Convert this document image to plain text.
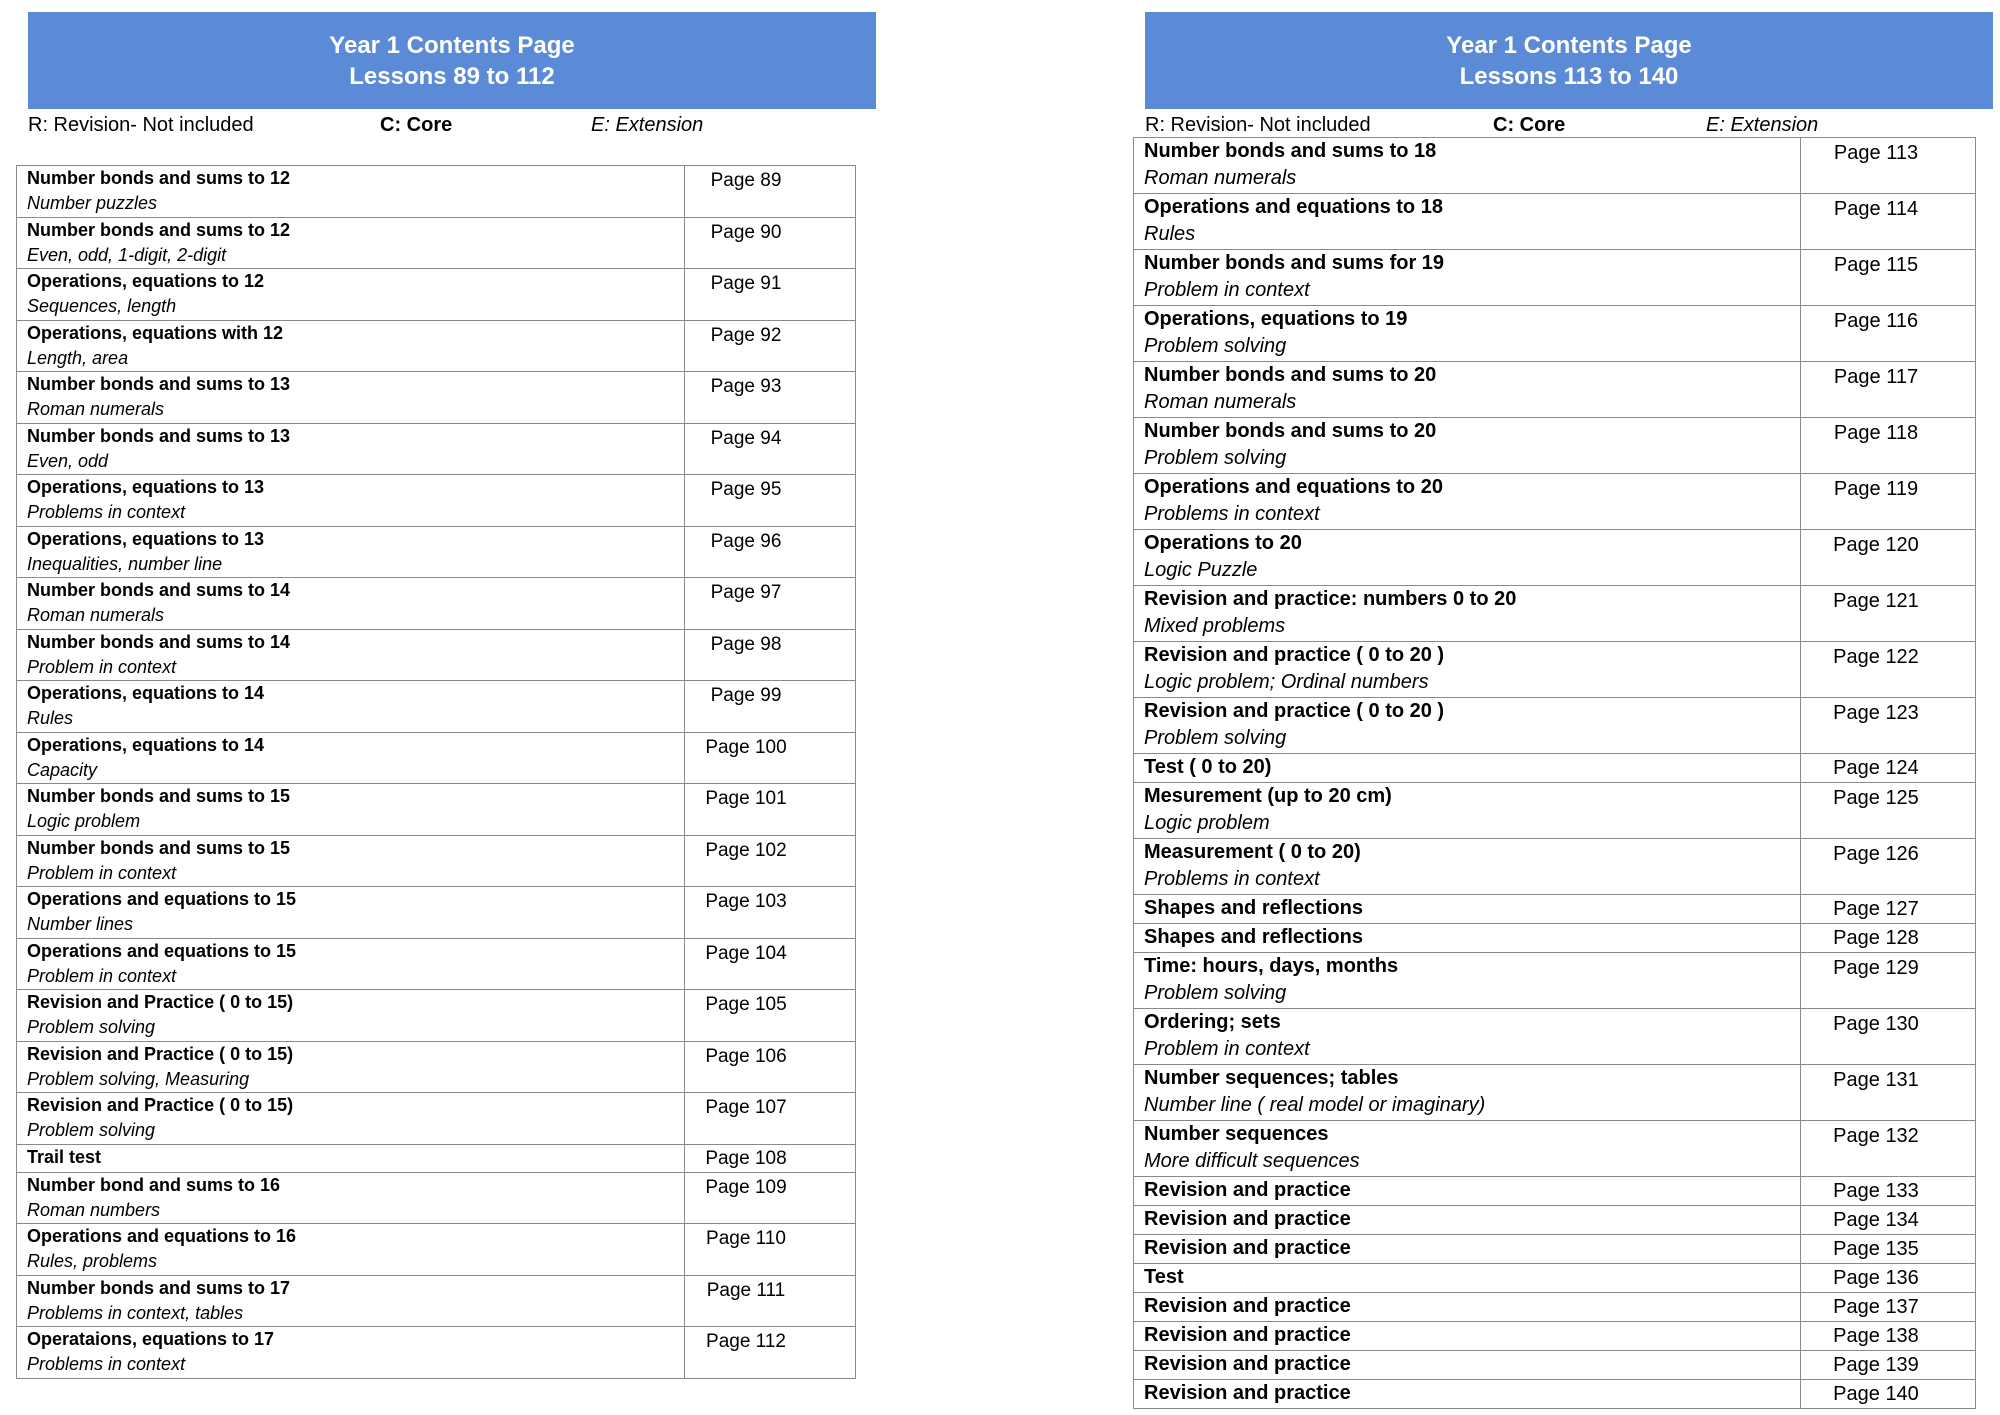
Year 1 Contents Page
Lessons 89 to 112
R: Revision- Not included	C: Core	E: Extension
Number bonds and sums to 12
Number puzzles	Page 89

Number bonds and sums to 12
Even, odd, 1-digit, 2-digit	Page 90

Operations, equations to 12
Sequences, length	Page 91

Operations, equations with 12
Length, area	Page 92

Number bonds and sums to 13
Roman numerals	Page 93

Number bonds and sums to 13
Even, odd	Page 94

Operations, equations to 13
Problems in context	Page 95

Operations, equations to 13
Inequalities, number line	Page 96

Number bonds and sums to 14
Roman numerals	Page 97

Number bonds and sums to 14
Problem in context	Page 98

Operations, equations to 14
Rules	Page 99

Operations, equations to 14
Capacity	Page 100

Number bonds and sums to 15
Logic problem	Page 101

Number bonds and sums to 15
Problem in context	Page 102

Operations and equations to 15
Number lines	Page 103

Operations and equations to 15
Problem in context	Page 104

Revision and Practice ( 0 to 15)
Problem solving	Page 105

Revision and Practice ( 0 to 15)
Problem solving, Measuring	Page 106

Revision and Practice ( 0 to 15)
Problem solving	Page 107

Trail test	Page 108

Number bond and sums to 16
Roman numbers	Page 109

Operations and equations to 16
Rules, problems	Page 110

Number bonds and sums to 17
Problems in context, tables	Page 111

Operataions, equations to 17
Problems in context	Page 112
Year 1 Contents Page
Lessons 113 to 140
R: Revision- Not included	C: Core	E: Extension
Number bonds and sums to 18
Roman numerals	Page 113

Operations and equations to 18
Rules	Page 114

Number bonds and sums for 19
Problem in context	Page 115

Operations, equations to 19
Problem solving	Page 116

Number bonds and sums to 20
Roman numerals	Page 117

Number bonds and sums to 20
Problem solving	Page 118

Operations and equations to 20
Problems in context	Page 119

Operations to 20
Logic Puzzle	Page 120

Revision and practice: numbers 0 to 20
Mixed problems	Page 121

Revision and practice ( 0 to 20 )
Logic problem; Ordinal numbers	Page 122

Revision and practice ( 0 to 20 )
Problem solving	Page 123

Test ( 0 to 20)	Page 124

Mesurement (up to 20 cm)
Logic problem	Page 125

Measurement ( 0 to 20)
Problems in context	Page 126

Shapes and reflections	Page 127

Shapes and reflections	Page 128

Time: hours, days, months
Problem solving	Page 129

Ordering; sets
Problem in context	Page 130

Number sequences; tables
Number line ( real model or imaginary)	Page 131

Number sequences
More difficult sequences	Page 132

Revision and practice	Page 133

Revision and practice	Page 134

Revision and practice	Page 135

Test	Page 136

Revision and practice	Page 137

Revision and practice	Page 138

Revision and practice	Page 139

Revision and practice	Page 140
